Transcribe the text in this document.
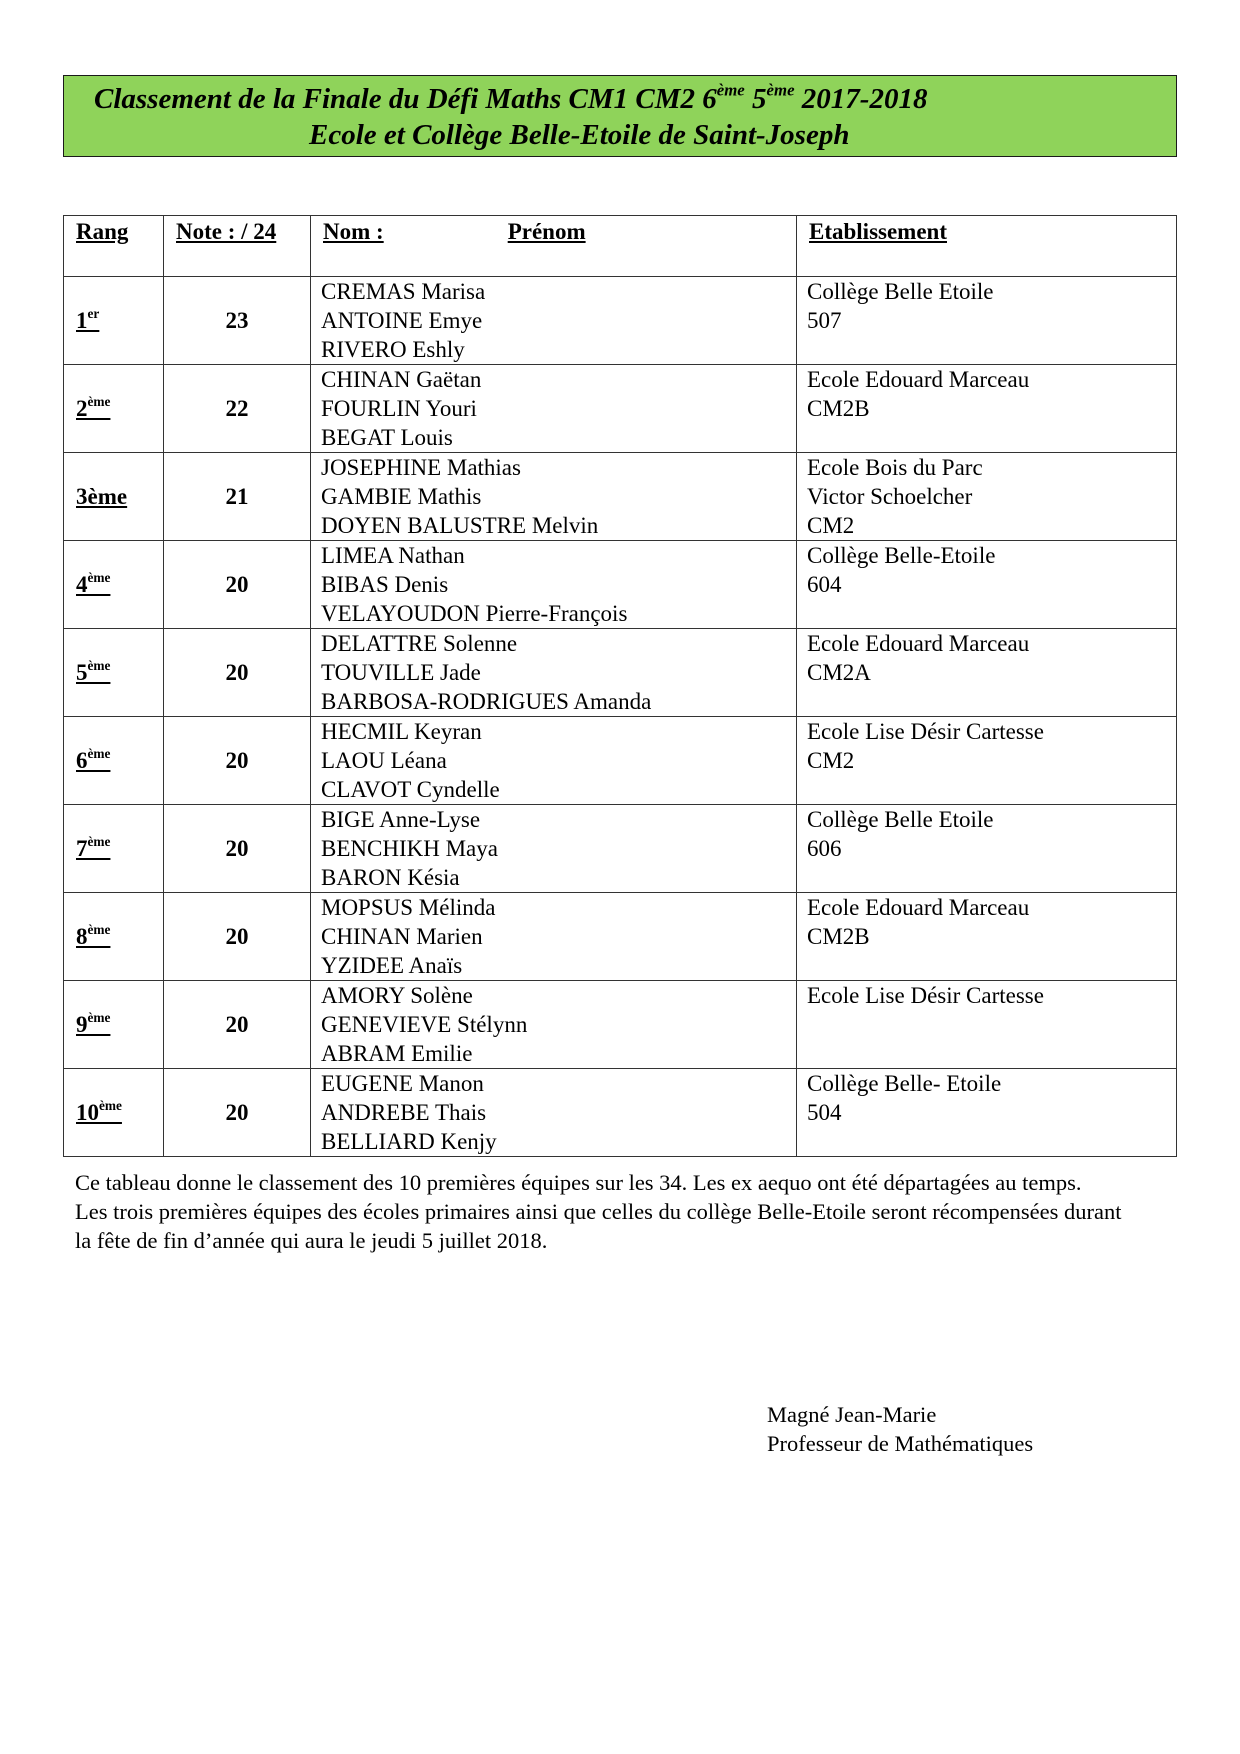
Classement de la Finale du Défi Maths CM1 CM2 6ème 5ème 2017-2018
Ecole et Collège Belle-Etoile de Saint-Joseph
Rang	Note : / 24	Nom : Prénom	Etablissement
1er	23	CREMAS Marisa
ANTOINE Emye
RIVERO Eshly	Collège Belle Etoile
507

2ème	22	CHINAN Gaëtan
FOURLIN Youri
BEGAT Louis	Ecole Edouard Marceau
CM2B

3ème	21	JOSEPHINE Mathias
GAMBIE Mathis
DOYEN BALUSTRE Melvin	Ecole Bois du Parc
Victor Schoelcher
CM2

4ème	20	LIMEA Nathan
BIBAS Denis
VELAYOUDON Pierre-François	Collège Belle-Etoile
604

5ème	20	DELATTRE Solenne
TOUVILLE Jade
BARBOSA-RODRIGUES Amanda	Ecole Edouard Marceau
CM2A

6ème	20	HECMIL Keyran
LAOU Léana
CLAVOT Cyndelle	Ecole Lise Désir Cartesse
CM2

7ème	20	BIGE Anne-Lyse
BENCHIKH Maya
BARON Késia	Collège Belle Etoile
606

8ème	20	MOPSUS Mélinda
CHINAN Marien
YZIDEE Anaïs	Ecole Edouard Marceau
CM2B

9ème	20	AMORY Solène
GENEVIEVE Stélynn
ABRAM Emilie	Ecole Lise Désir Cartesse

10ème	20	EUGENE Manon
ANDREBE Thais
BELLIARD Kenjy	Collège Belle- Etoile
504

Ce tableau donne le classement des 10 premières équipes sur les 34. Les ex aequo ont été départagées au temps.

Les trois premières équipes des écoles primaires ainsi que celles du collège Belle-Etoile seront récompensées durant la fête de fin d’année qui aura le jeudi 5 juillet 2018.

Magné Jean-Marie
Professeur de Mathématiques
